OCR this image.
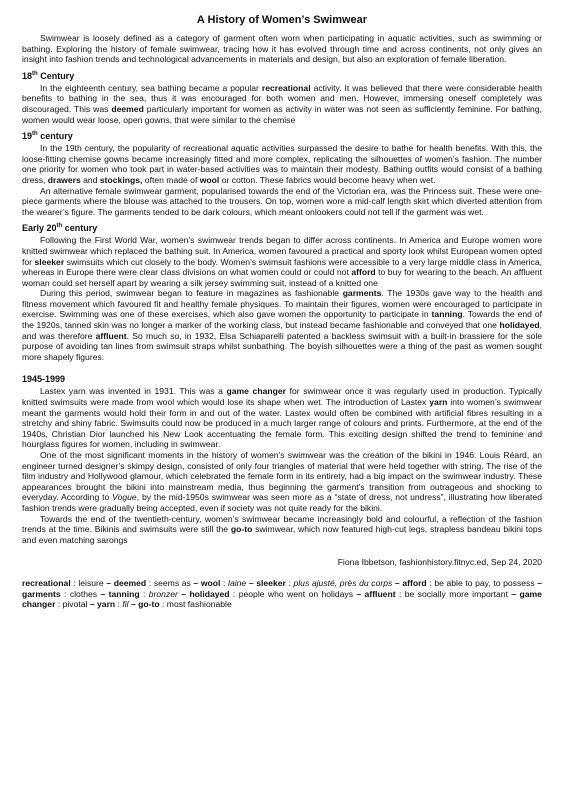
A History of Women’s Swimwear

Swimwear is loosely defined as a category of garment often worn when participating in aquatic activities, such as swimming or bathing. Exploring the history of female swimwear, tracing how it has evolved through time and across continents, not only gives an insight into fashion trends and technological advancements in materials and design, but also an exploration of female liberation.

18th Century

In the eighteenth century, sea bathing became a popular recreational activity. It was believed that there were considerable health benefits to bathing in the sea, thus it was encouraged for both women and men. However, immersing oneself completely was discouraged. This was deemed particularly important for women as activity in water was not seen as sufficiently feminine. For bathing, women would wear loose, open gowns, that were similar to the chemise

19th century

In the 19th century, the popularity of recreational aquatic activities surpassed the desire to bathe for health benefits. With this, the loose-fitting chemise gowns became increasingly fitted and more complex, replicating the silhouettes of women’s fashion. The number one priority for women who took part in water-based activities was to maintain their modesty. Bathing outfits would consist of a bathing dress, drawers and stockings, often made of wool or cotton. These fabrics would become heavy when wet.

An alternative female swimwear garment, popularised towards the end of the Victorian era, was the Princess suit. These were one-piece garments where the blouse was attached to the trousers. On top, women wore a mid-calf length skirt which diverted attention from the wearer’s figure. The garments tended to be dark colours, which meant onlookers could not tell if the garment was wet.

Early 20th century

Following the First World War, women’s swimwear trends began to differ across continents. In America and Europe women wore knitted swimwear which replaced the bathing suit. In America, women favoured a practical and sporty look whilst European women opted for sleeker swimsuits which cut closely to the body. Women’s swimsuit fashions were accessible to a very large middle class in America, whereas in Europe there were clear class divisions on what women could or could not afford to buy for wearing to the beach. An affluent woman could set herself apart by wearing a silk jersey swimming suit, instead of a knitted one

During this period, swimwear began to feature in magazines as fashionable garments. The 1930s gave way to the health and fitness movement which favoured fit and healthy female physiques. To maintain their figures, women were encouraged to participate in exercise. Swimming was one of these exercises, which also gave women the opportunity to participate in tanning. Towards the end of the 1920s, tanned skin was no longer a marker of the working class, but instead became fashionable and conveyed that one holidayed, and was therefore affluent. So much so, in 1932, Elsa Schiaparelli patented a backless swimsuit with a built-in brassiere for the sole purpose of avoiding tan lines from swimsuit straps whilst sunbathing. The boyish silhouettes were a thing of the past as women sought more shapely figures.

1945-1999

Lastex yarn was invented in 1931. This was a game changer for swimwear once it was regularly used in production. Typically knitted swimsuits were made from wool which would lose its shape when wet. The introduction of Lastex yarn into women’s swimwear meant the garments would hold their form in and out of the water. Lastex would often be combined with artificial fibres resulting in a stretchy and shiny fabric. Swimsuits could now be produced in a much larger range of colours and prints. Furthermore, at the end of the 1940s, Christian Dior launched his New Look accentuating the female form. This exciting design shifted the trend to feminine and hourglass figures for women, including in swimwear.

One of the most significant moments in the history of women’s swimwear was the creation of the bikini in 1946. Louis Réard, an engineer turned designer’s skimpy design, consisted of only four triangles of material that were held together with string. The rise of the film industry and Hollywood glamour, which celebrated the female form in its entirety, had a big impact on the swimwear industry. These appearances brought the bikini into mainstream media, thus beginning the garment’s transition from outrageous and shocking to everyday. According to Vogue, by the mid-1950s swimwear was seen more as a “state of dress, not undress”, illustrating how liberated fashion trends were gradually being accepted, even if society was not quite ready for the bikini.

Towards the end of the twentieth-century, women’s swimwear became increasingly bold and colourful, a reflection of the fashion trends at the time. Bikinis and swimsuits were still the go-to swimwear, which now featured high-cut legs, strapless bandeau bikini tops and even matching sarongs

Fiona Ibbetson, fashionhistory.fitnyc.ed, Sep 24, 2020

recreational : leisure – deemed : seems as – wool : laine – sleeker : plus ajusté, près du corps – afford : be able to pay, to possess – garments : clothes – tanning : bronzer – holidayed : people who went on holidays – affluent : be socially more important – game changer : pivotal – yarn : fil – go-to : most fashionable
